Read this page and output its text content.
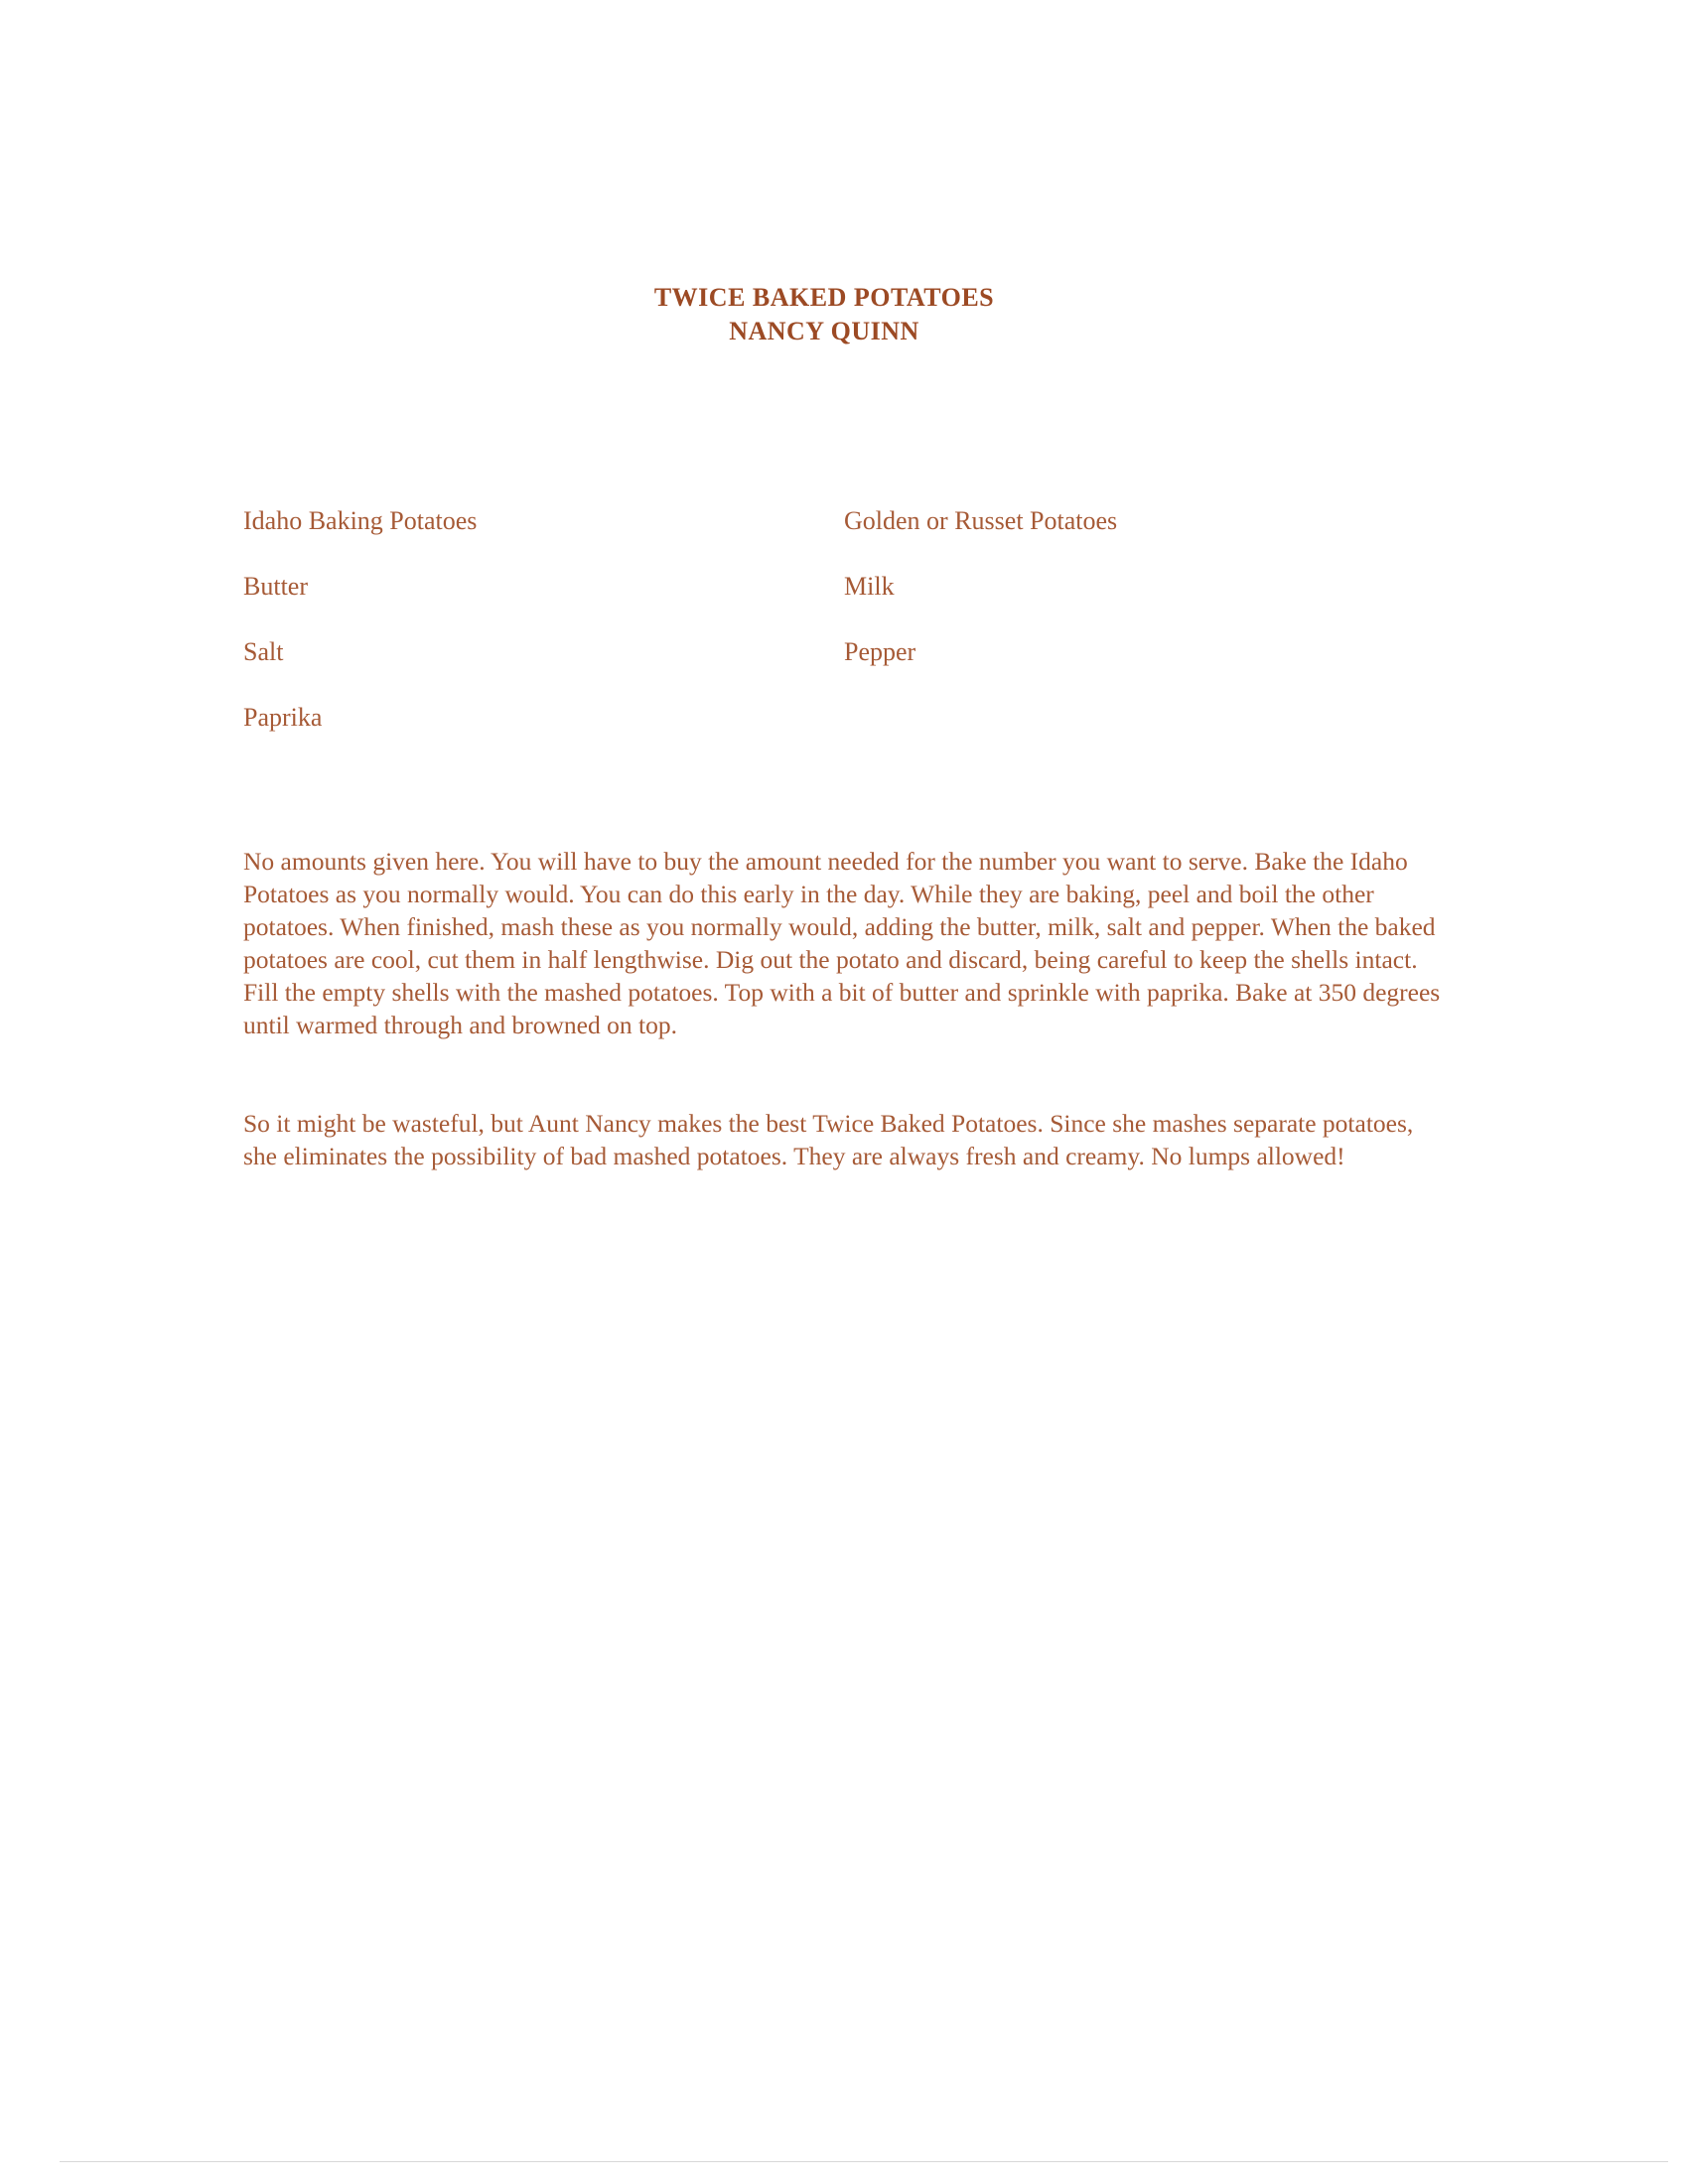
TWICE BAKED POTATOES
NANCY QUINN
Idaho Baking Potatoes
Butter
Salt
Paprika
Golden or Russet Potatoes
Milk
Pepper
No amounts given here. You will have to buy the amount needed for the number you want to serve. Bake the Idaho Potatoes as you normally would. You can do this early in the day. While they are baking, peel and boil the other potatoes. When finished, mash these as you normally would, adding the butter, milk, salt and pepper. When the baked potatoes are cool, cut them in half lengthwise. Dig out the potato and discard, being careful to keep the shells intact. Fill the empty shells with the mashed potatoes. Top with a bit of butter and sprinkle with paprika. Bake at 350 degrees until warmed through and browned on top.
So it might be wasteful, but Aunt Nancy makes the best Twice Baked Potatoes. Since she mashes separate potatoes, she eliminates the possibility of bad mashed potatoes. They are always fresh and creamy. No lumps allowed!
